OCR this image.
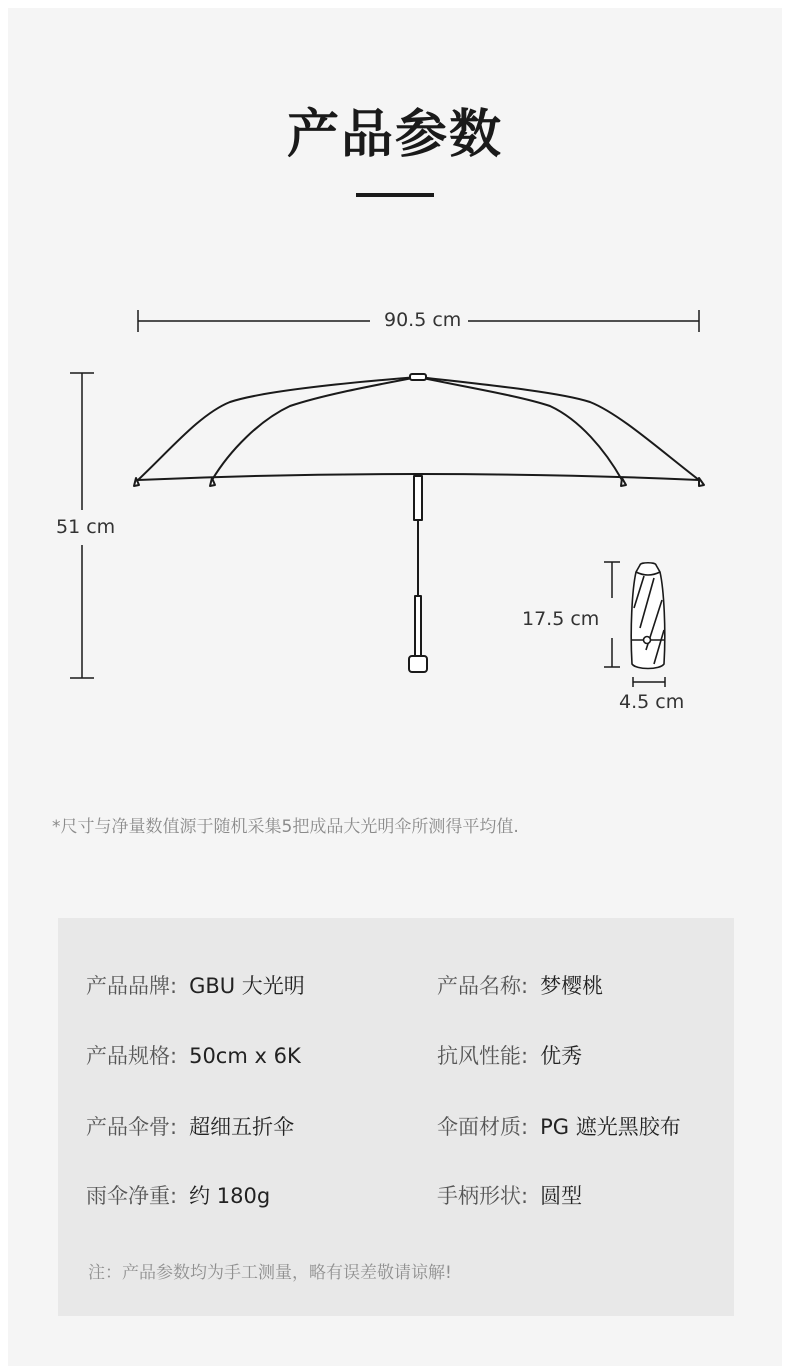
产品参数
90.5 cm
51 cm
17.5 cm
4.5 cm
*尺寸与净量数值源于随机采集5把成品大光明伞所测得平均值.
产品品牌: GBU 大光明	产品名称: 梦樱桃
产品规格: 50cm x 6K	抗风性能: 优秀
产品伞骨: 超细五折伞	伞面材质: PG 遮光黑胶布
雨伞净重: 约 180g	手柄形状: 圆型
注：产品参数均为手工测量，略有误差敬请谅解!
